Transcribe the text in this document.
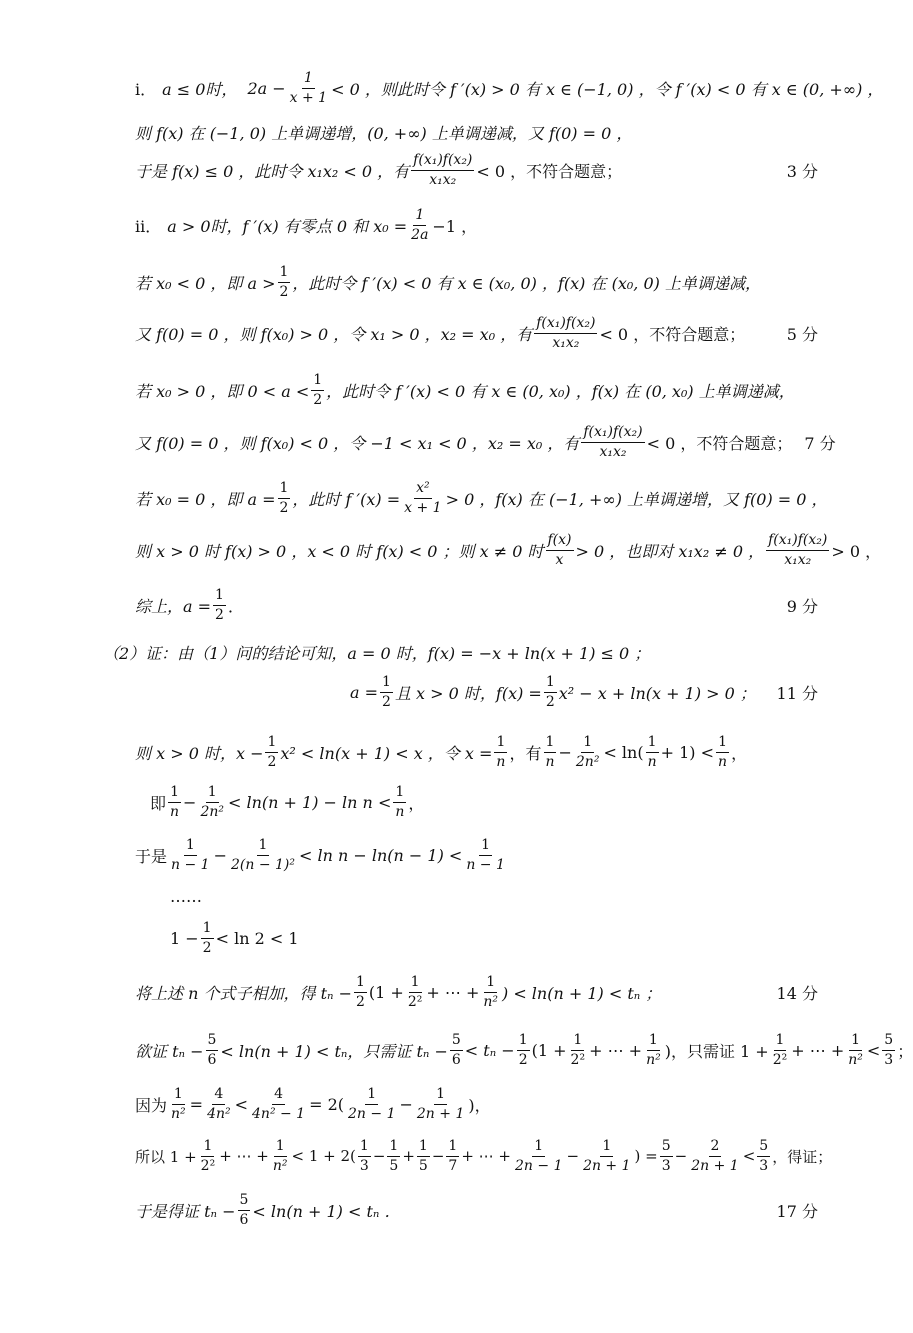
i． a ≤ 0时， $2a - \frac{1}{x + 1} < 0$ ，则此时令 f ′(x) > 0 有 x ∈ (−1, 0) ，令 f ′(x) < 0 有 x ∈ (0, +∞) ，
则 f(x) 在 (−1, 0) 上单调递增，(0, +∞) 上单调递减，又 f(0) = 0 ，
于是 f(x) ≤ 0 ，此时令 x₁x₂ < 0 ，有 $\frac{\text{f(x₁)f(x₂)}}{\text{x₁x₂}} < 0$ ，不符合题意；	3 分
ii． a > 0时，f ′(x) 有零点 0 和 $x_0 = \frac{1}{2a} -1$ ，
若 x₀ < 0 ，即 $a > \frac{1}{2}$ ，此时令 f ′(x) < 0 有 x ∈ (x₀, 0) ，f(x) 在 (x₀, 0) 上单调递减，
又 f(0) = 0 ，则 f(x₀) > 0 ，令 x₁ > 0 ，x₂ = x₀ ，有 $\frac{\text{f(x₁)f(x₂)}}{\text{x₁x₂}} < 0$ ，不符合题意；	5 分
若 x₀ > 0 ，即 $0 < a < \frac{1}{2}$ ，此时令 f ′(x) < 0 有 x ∈ (0, x₀) ，f(x) 在 (0, x₀) 上单调递减，
又 f(0) = 0 ，则 f(x₀) < 0 ，令 −1 < x₁ < 0 ，x₂ = x₀ ，有 $\frac{\text{f(x₁)f(x₂)}}{\text{x₁x₂}} < 0$ ，不符合题意； 7 分
若 x₀ = 0 ，即 $a = \frac{1}{2}$ ，此时 f $'(x) = \frac{\text{x²}}{x + 1} > 0$ ，f(x) 在 (−1, +∞) 上单调递增，又 f(0) = 0 ，
则 x > 0 时 f(x) > 0 ，x < 0 时 f(x) < 0 ；则 x ≠ 0 时 $\frac{f(x)}{x} > 0$ ，也即对 x₁x₂ ≠ 0 ， $\frac{\text{f(x₁)f(x₂)}}{\text{x₁x₂}} > 0$ ，
综上，$a = \frac{1}{2}$ ．	9 分
（2）证：由（1）问的结论可知，a = 0 时，f(x) = −x + ln(x + 1) ≤ 0 ；
$a = \frac{1}{2}$ 且 x > 0 时，$f(x) = \frac{1}{2} x^2 - x + \ln(x + 1) > 0$ ； 11 分
则 x > 0 时，$x - \frac{1}{2} x^2 < \ln(x + 1) < x$ ，令 $x = \frac{1}{n}$ ，有 $\frac{1}{n} - \frac{1}{\text{2n²}} < \ln( \frac{1}{n} + 1) < \frac{1}{n}$ ，
即 $\frac{1}{n} - \frac{1}{\text{2n²}} < \ln(n + 1) - \ln n < \frac{1}{n}$ ，
于是 $\frac{1}{n - 1} - \frac{1}{\text{2(n − 1)²}} < \ln n - \ln(n - 1) < \frac{1}{n - 1}$
……
$1 - \frac{1}{2} < \ln 2 < 1$
将上述 n 个式子相加，得 $t_n - \frac{1}{2} (1 + \frac{1}{\text{2²}}$ + ⋯ + $\frac{1}{\text{n²}}$ ) < ln(n + 1) < tₙ ；	14 分
欲证 $t_n - \frac{5}{6} < \ln(n + 1) < t_n$，只需证 $t_n - \frac{5}{6} < t_n - \frac{1}{2} (1 + \frac{1}{\text{2²}}$ + ⋯ + $\frac{1}{\text{n²}}$ )，只需证 $1 + \frac{1}{\text{2²}}$ + ⋯ + $\frac{1}{\text{n²}} < \frac{5}{3}$ ；
因为 $\frac{1}{\text{n²}} = \frac{4}{\text{4n²}} < \frac{4}{\text{4n² − 1}} = 2( \frac{1}{2n - 1} - \frac{1}{2n + 1}$ )，
所以 $1 + \frac{1}{\text{2²}}$ + ⋯ + $\frac{1}{\text{n²}} < 1 + 2( \frac{1}{3} - \frac{1}{5} + \frac{1}{5} - \frac{1}{7}$ + ⋯ + $\frac{1}{2n - 1} - \frac{1}{2n + 1}$ ) = $\frac{5}{3} - \frac{2}{2n + 1} < \frac{5}{3}$ ，得证；
于是得证 $t_n - \frac{5}{6} < \ln(n + 1) < t_n$ ．	17 分
